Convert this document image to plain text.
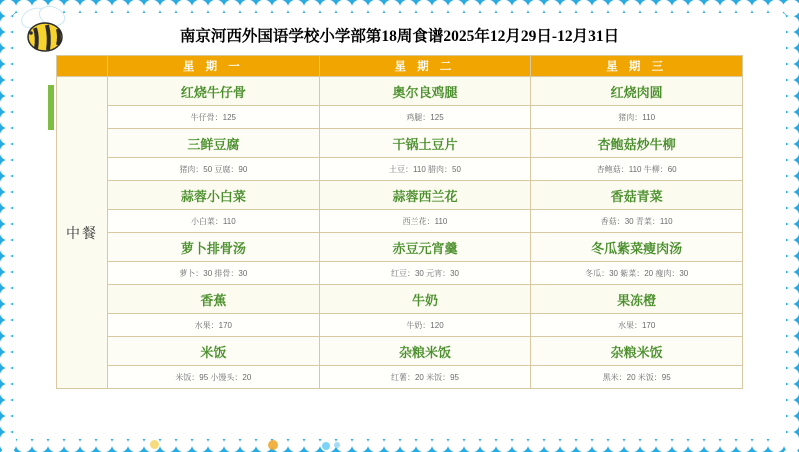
南京河西外国语学校小学部第18周食谱2025年12月29日-12月31日
	星 期 一	星 期 二	星 期 三
中餐	红烧牛仔骨	奥尔良鸡腿	红烧肉圆
	牛仔骨：125	鸡腿：125	猪肉：110
	三鲜豆腐	干锅土豆片	杏鲍菇炒牛柳
	猪肉：50 豆腐：90	土豆：110 腊肉：50	杏鲍菇：110 牛柳：60
	蒜蓉小白菜	蒜蓉西兰花	香菇青菜
	小白菜：110	西兰花：110	香菇：30 青菜：110
	萝卜排骨汤	赤豆元宵羹	冬瓜紫菜瘦肉汤
	萝卜：30 排骨：30	红豆：30 元宵：30	冬瓜：30 紫菜：20 瘦肉：30
	香蕉	牛奶	果冻橙
	水果：170	牛奶：120	水果：170
	米饭	杂粮米饭	杂粮米饭
	米饭：95 小馒头：20	红薯：20 米饭：95	黑米：20 米饭：95
